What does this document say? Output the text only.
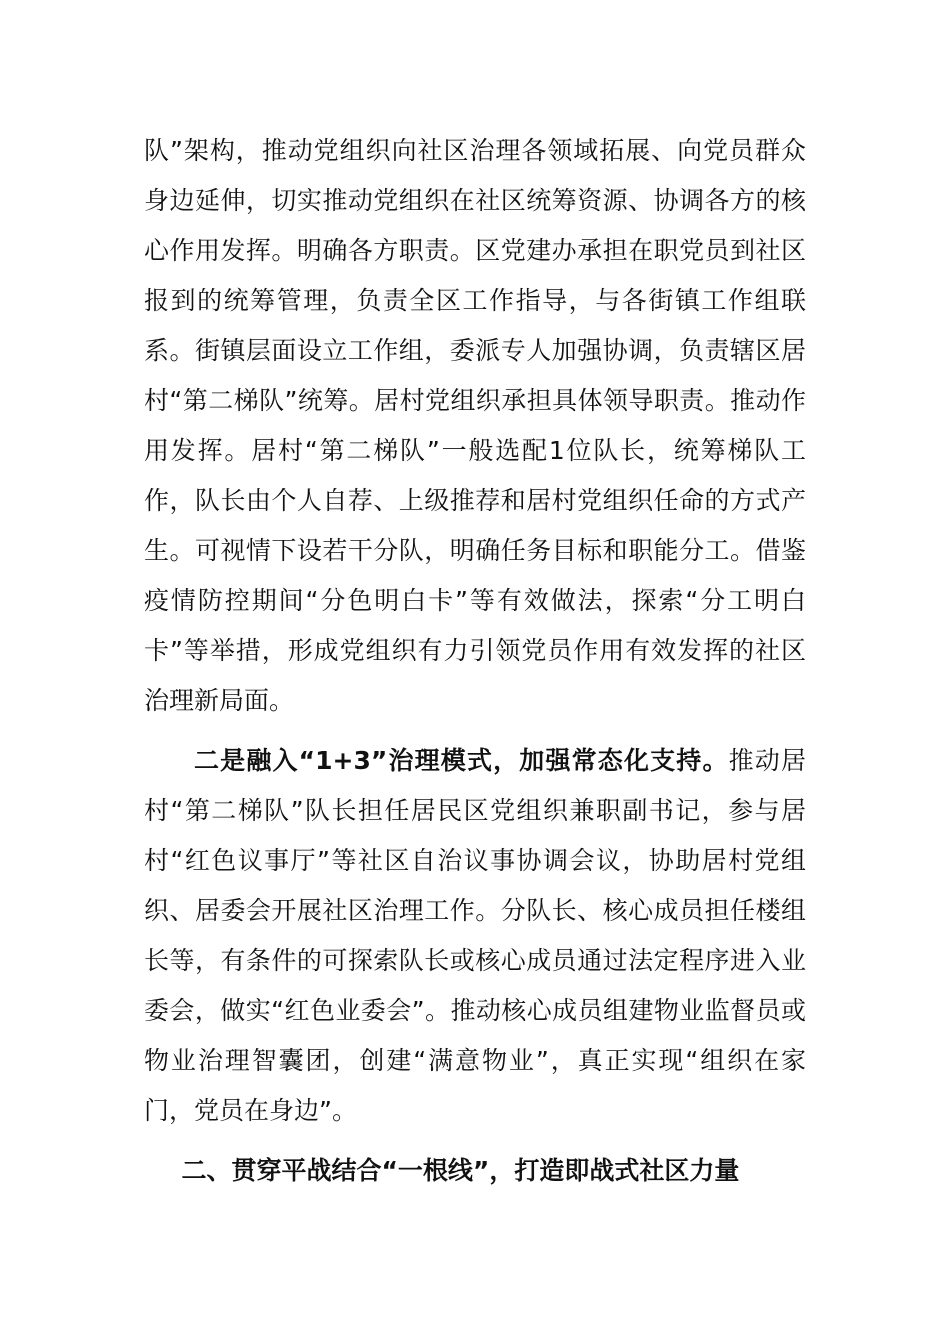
队”架构，推动党组织向社区治理各领域拓展、向党员群众身边延伸，切实推动党组织在社区统筹资源、协调各方的核心作用发挥。明确各方职责。区党建办承担在职党员到社区报到的统筹管理，负责全区工作指导，与各街镇工作组联系。街镇层面设立工作组，委派专人加强协调，负责辖区居村“第二梯队”统筹。居村党组织承担具体领导职责。推动作用发挥。居村“第二梯队”一般选配1位队长，统筹梯队工作，队长由个人自荐、上级推荐和居村党组织任命的方式产生。可视情下设若干分队，明确任务目标和职能分工。借鉴疫情防控期间“分色明白卡”等有效做法，探索“分工明白卡”等举措，形成党组织有力引领党员作用有效发挥的社区治理新局面。

二是融入“1+3”治理模式，加强常态化支持。推动居村“第二梯队”队长担任居民区党组织兼职副书记，参与居村“红色议事厅”等社区自治议事协调会议，协助居村党组织、居委会开展社区治理工作。分队长、核心成员担任楼组长等，有条件的可探索队长或核心成员通过法定程序进入业委会，做实“红色业委会”。推动核心成员组建物业监督员或物业治理智囊团，创建“满意物业”，真正实现“组织在家门，党员在身边”。

二、贯穿平战结合“一根线”，打造即战式社区力量
